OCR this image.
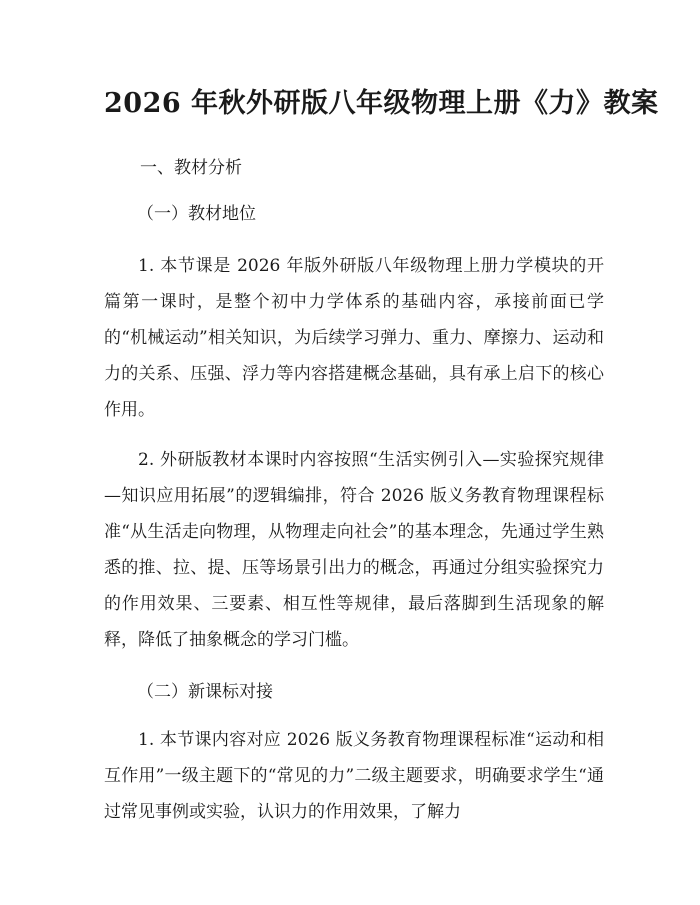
2026 年秋外研版八年级物理上册《力》教案
一、教材分析
（一）教材地位

1. 本节课是 2026 年版外研版八年级物理上册力学模块的开篇第一课时，是整个初中力学体系的基础内容，承接前面已学的“机械运动”相关知识，为后续学习弹力、重力、摩擦力、运动和力的关系、压强、浮力等内容搭建概念基础，具有承上启下的核心作用。

2. 外研版教材本课时内容按照“生活实例引入—实验探究规律—知识应用拓展”的逻辑编排，符合 2026 版义务教育物理课程标准“从生活走向物理，从物理走向社会”的基本理念，先通过学生熟悉的推、拉、提、压等场景引出力的概念，再通过分组实验探究力的作用效果、三要素、相互性等规律，最后落脚到生活现象的解释，降低了抽象概念的学习门槛。

（二）新课标对接

1. 本节课内容对应 2026 版义务教育物理课程标准“运动和相互作用”一级主题下的“常见的力”二级主题要求，明确要求学生“通过常见事例或实验，认识力的作用效果，了解力
